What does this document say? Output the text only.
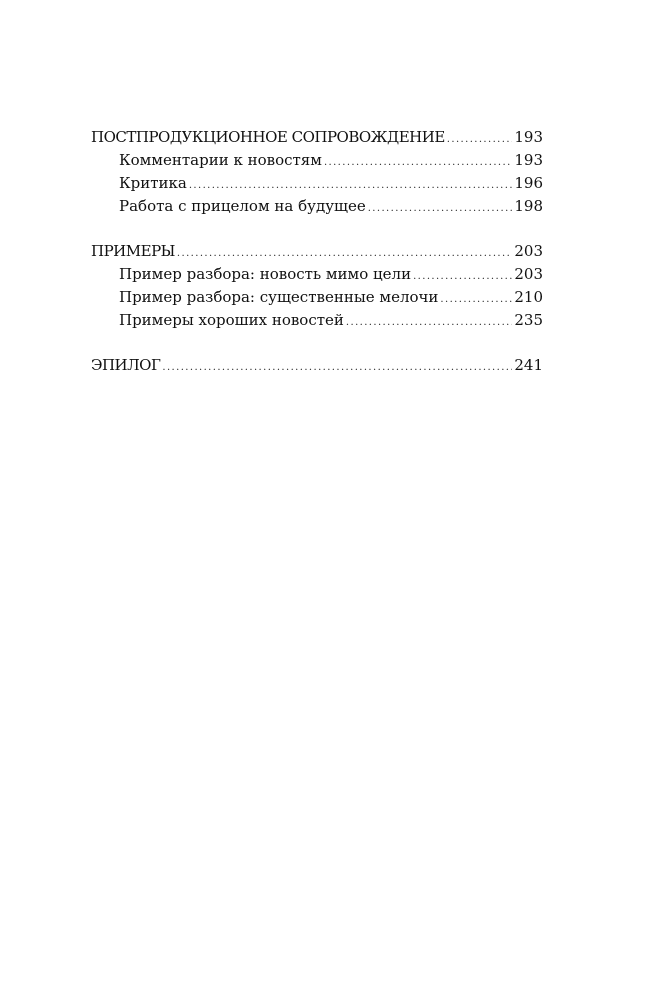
ПОСТПРОДУКЦИОННОЕ СОПРОВОЖДЕНИЕ .....	193
Комментарии к новостям .....	193
Критика .....	196
Работа с прицелом на будущее .....	198
ПРИМЕРЫ .....	203
Пример разбора: новость мимо цели .....	203
Пример разбора: существенные мелочи .....	210
Примеры хороших новостей .....	235
ЭПИЛОГ .....	241
